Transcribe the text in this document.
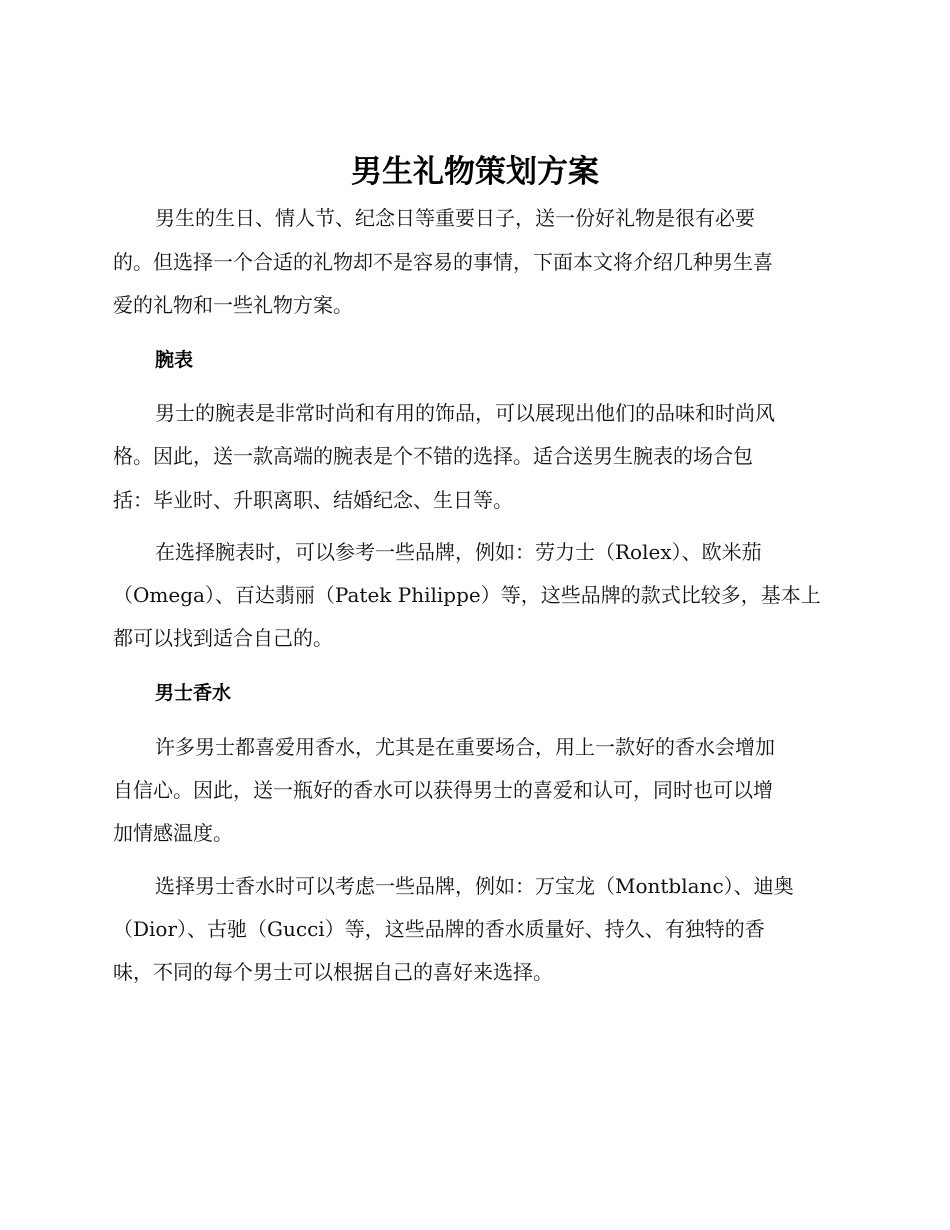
男生礼物策划方案

男生的生日、情人节、纪念日等重要日子，送一份好礼物是很有必要

的。但选择一个合适的礼物却不是容易的事情，下面本文将介绍几种男生喜

爱的礼物和一些礼物方案。

腕表

男士的腕表是非常时尚和有用的饰品，可以展现出他们的品味和时尚风

格。因此，送一款高端的腕表是个不错的选择。适合送男生腕表的场合包

括：毕业时、升职离职、结婚纪念、生日等。

在选择腕表时，可以参考一些品牌，例如：劳力士（Rolex）、欧米茄

（Omega）、百达翡丽（Patek Philippe）等，这些品牌的款式比较多，基本上

都可以找到适合自己的。

男士香水

许多男士都喜爱用香水，尤其是在重要场合，用上一款好的香水会增加

自信心。因此，送一瓶好的香水可以获得男士的喜爱和认可，同时也可以增

加情感温度。

选择男士香水时可以考虑一些品牌，例如：万宝龙（Montblanc）、迪奥

（Dior）、古驰（Gucci）等，这些品牌的香水质量好、持久、有独特的香

味，不同的每个男士可以根据自己的喜好来选择。
